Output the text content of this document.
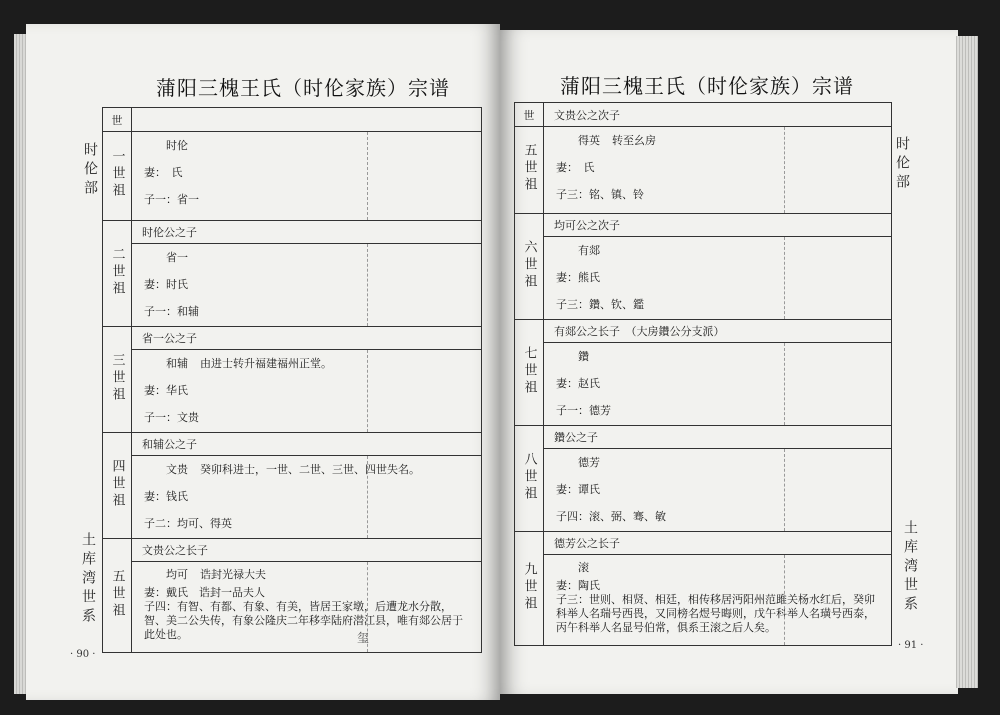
蒲阳三槐王氏（时伦家族）宗谱
时伦部
土库湾世系
· 90 ·
世	
一世祖	时伦
妻：　氏
子一：省一

二世祖	时伦公之子

	省一
妻：时氏
子一：和辅

三世祖	省一公之子

	和辅 由进士转升福建福州正堂。
妻：华氏
子一：文贵

四世祖	和辅公之子

	文贵 癸卯科进士，一世、二世、三世、四世失名。
妻：钱氏
子二：均可、得英

五世祖	文贵公之长子

	均可 诰封光禄大夫
妻：戴氏　诰封一品夫人
子四：有智、有都、有象、有美，皆居王家墩，后遭龙水分散，智、美二公失传，有象公隆庆二年移孪陆府潜江县，唯有郯公居于此处也。 玺
蒲阳三槐王氏（时伦家族）宗谱
时伦部
土库湾世系
· 91 ·
世	文贵公之次子
五世祖	得英 转至幺房
妻：　氏
子三：铭、镇、铃

六世祖	均可公之次子

	有郯
妻：熊氏
子三：鑽、钦、鑑

七世祖	有郯公之长子　（大房鑽公分支派）

	鑽
妻：赵氏
子一：德芳

八世祖	鑽公之子

	德芳
妻：谭氏
子四：滚、弼、骞、敏

九世祖	德芳公之长子

	滚
妻：陶氏
子三：世则、相贤、相廷，相传移居沔阳州范雎关杨水红后，癸卯科举人名瑞号西畏，又同榜名煜号晦则，戊午科举人名璜号西泰，丙午科举人名显号伯常，俱系王滚之后人矣。
